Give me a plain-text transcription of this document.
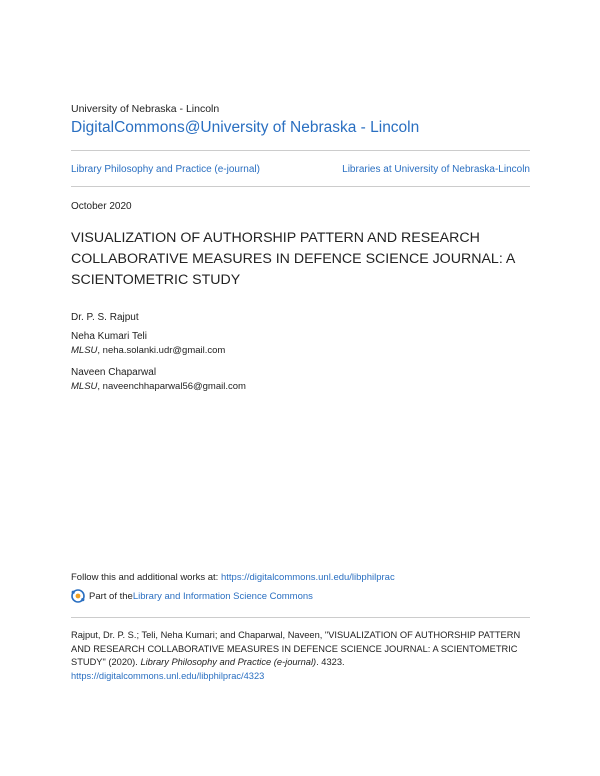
University of Nebraska - Lincoln
DigitalCommons@University of Nebraska - Lincoln
Library Philosophy and Practice (e-journal)	Libraries at University of Nebraska-Lincoln
October 2020
VISUALIZATION OF AUTHORSHIP PATTERN AND RESEARCH COLLABORATIVE MEASURES IN DEFENCE SCIENCE JOURNAL: A SCIENTOMETRIC STUDY
Dr. P. S. Rajput
Neha Kumari Teli
MLSU, neha.solanki.udr@gmail.com
Naveen Chaparwal
MLSU, naveenchhaparwal56@gmail.com
Follow this and additional works at: https://digitalcommons.unl.edu/libphilprac
Part of the Library and Information Science Commons
Rajput, Dr. P. S.; Teli, Neha Kumari; and Chaparwal, Naveen, "VISUALIZATION OF AUTHORSHIP PATTERN AND RESEARCH COLLABORATIVE MEASURES IN DEFENCE SCIENCE JOURNAL: A SCIENTOMETRIC STUDY" (2020). Library Philosophy and Practice (e-journal). 4323.
https://digitalcommons.unl.edu/libphilprac/4323
